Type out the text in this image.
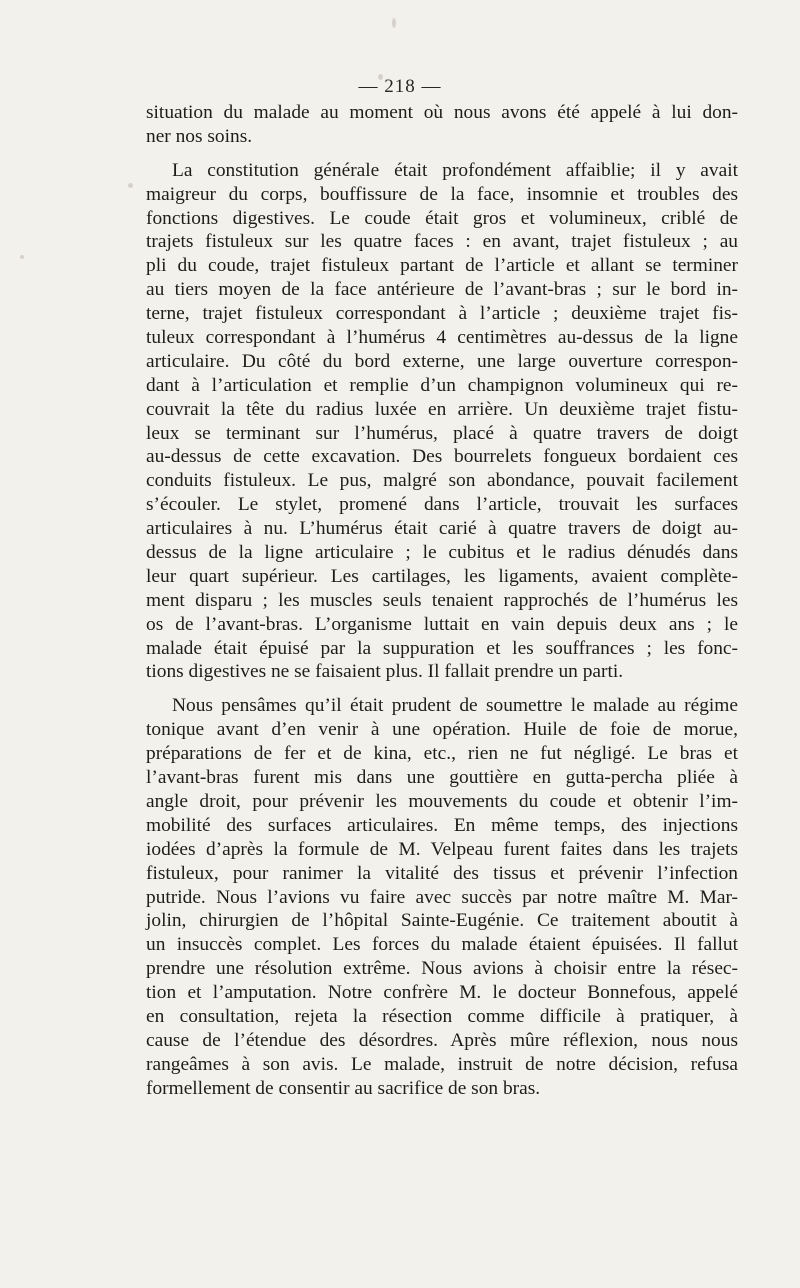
— 218 —
situation du malade au moment où nous avons été appelé à lui don-
ner nos soins.
La constitution générale était profondément affaiblie; il y avait
maigreur du corps, bouffissure de la face, insomnie et troubles des
fonctions digestives. Le coude était gros et volumineux, criblé de
trajets fistuleux sur les quatre faces : en avant, trajet fistuleux ; au
pli du coude, trajet fistuleux partant de l’article et allant se terminer
au tiers moyen de la face antérieure de l’avant-bras ; sur le bord in-
terne, trajet fistuleux correspondant à l’article ; deuxième trajet fis-
tuleux correspondant à l’humérus 4 centimètres au-dessus de la ligne
articulaire. Du côté du bord externe, une large ouverture correspon-
dant à l’articulation et remplie d’un champignon volumineux qui re-
couvrait la tête du radius luxée en arrière. Un deuxième trajet fistu-
leux se terminant sur l’humérus, placé à quatre travers de doigt
au-dessus de cette excavation. Des bourrelets fongueux bordaient ces
conduits fistuleux. Le pus, malgré son abondance, pouvait facilement
s’écouler. Le stylet, promené dans l’article, trouvait les surfaces
articulaires à nu. L’humérus était carié à quatre travers de doigt au-
dessus de la ligne articulaire ; le cubitus et le radius dénudés dans
leur quart supérieur. Les cartilages, les ligaments, avaient complète-
ment disparu ; les muscles seuls tenaient rapprochés de l’humérus les
os de l’avant-bras. L’organisme luttait en vain depuis deux ans ; le
malade était épuisé par la suppuration et les souffrances ; les fonc-
tions digestives ne se faisaient plus. Il fallait prendre un parti.
Nous pensâmes qu’il était prudent de soumettre le malade au régime
tonique avant d’en venir à une opération. Huile de foie de morue,
préparations de fer et de kina, etc., rien ne fut négligé. Le bras et
l’avant-bras furent mis dans une gouttière en gutta-percha pliée à
angle droit, pour prévenir les mouvements du coude et obtenir l’im-
mobilité des surfaces articulaires. En même temps, des injections
iodées d’après la formule de M. Velpeau furent faites dans les trajets
fistuleux, pour ranimer la vitalité des tissus et prévenir l’infection
putride. Nous l’avions vu faire avec succès par notre maître M. Mar-
jolin, chirurgien de l’hôpital Sainte-Eugénie. Ce traitement aboutit à
un insuccès complet. Les forces du malade étaient épuisées. Il fallut
prendre une résolution extrême. Nous avions à choisir entre la résec-
tion et l’amputation. Notre confrère M. le docteur Bonnefous, appelé
en consultation, rejeta la résection comme difficile à pratiquer, à
cause de l’étendue des désordres. Après mûre réflexion, nous nous
rangeâmes à son avis. Le malade, instruit de notre décision, refusa
formellement de consentir au sacrifice de son bras.
